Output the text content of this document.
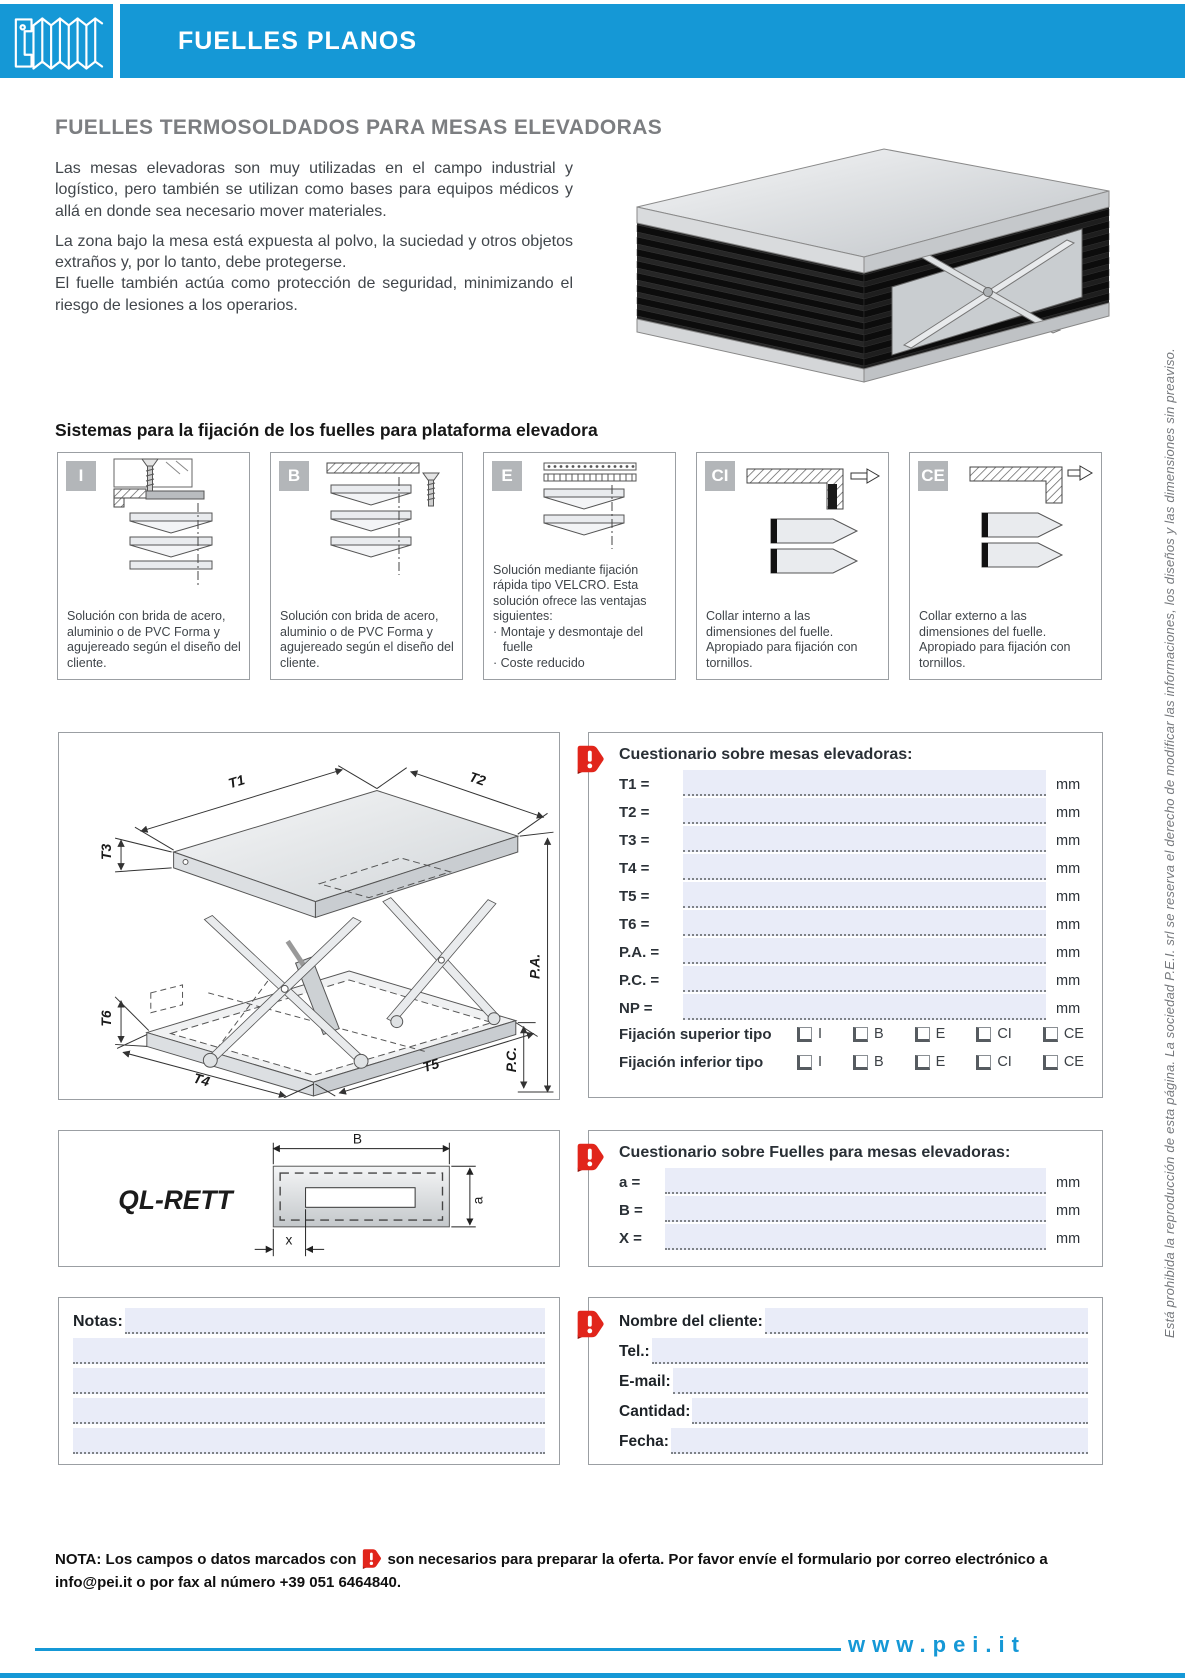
FUELLES PLANOS
FUELLES TERMOSOLDADOS PARA MESAS ELEVADORAS

Las mesas elevadoras son muy utilizadas en el campo industrial y logístico, pero también se utilizan como bases para equipos médicos y allá en donde sea necesario mover materiales.

La zona bajo la mesa está expuesta al polvo, la suciedad y otros objetos extraños y, por lo tanto, debe protegerse.

El fuelle también actúa como protección de seguridad, minimizando el riesgo de lesiones a los operarios.

Sistemas para la fijación de los fuelles para plataforma elevadora
I
Solución con brida de acero, aluminio o de PVC Forma y agujereado según el diseño del cliente.
B
Solución con brida de acero, aluminio o de PVC Forma y agujereado según el diseño del cliente.
E
Solución mediante fijación rápida tipo VELCRO. Esta solución ofrece las ventajas siguientes:
· Montaje y desmontaje del fuelle
· Coste reducido
CI
Collar interno a las dimensiones del fuelle. Apropiado para fijación con tornillos.
CE
Collar externo a las dimensiones del fuelle. Apropiado para fijación con tornillos.
T1	T2
T3
T6
T4
T5
P.A.
P.C.
Cuestionario sobre mesas elevadoras:
T1 =	mm
T2 =	mm
T3 =	mm
T4 =	mm
T5 =	mm
T6 =	mm
P.A. =	mm
P.C. =	mm
NP =	mm
Fijación superior tipo	I	B	E	CI	CE
Fijación inferior tipo	I	B	E	CI	CE
QL-RETT
B
a
x
Cuestionario sobre Fuelles para mesas elevadoras:
a =	mm
B =	mm
X =	mm
Notas:	Nombre del cliente:
Tel.:
E-mail:
Cantidad:
Fecha:
NOTA: Los campos o datos marcados con son necesarios para preparar la oferta. Por favor envíe el formulario por correo electrónico a info@pei.it o por fax al número +39 051 6464840.
www.pei.it
Está prohibida la reproducción de esta página. La sociedad P.E.I. srl se reserva el derecho de modificar las informaciones, los diseños y las dimensiones sin preaviso.
